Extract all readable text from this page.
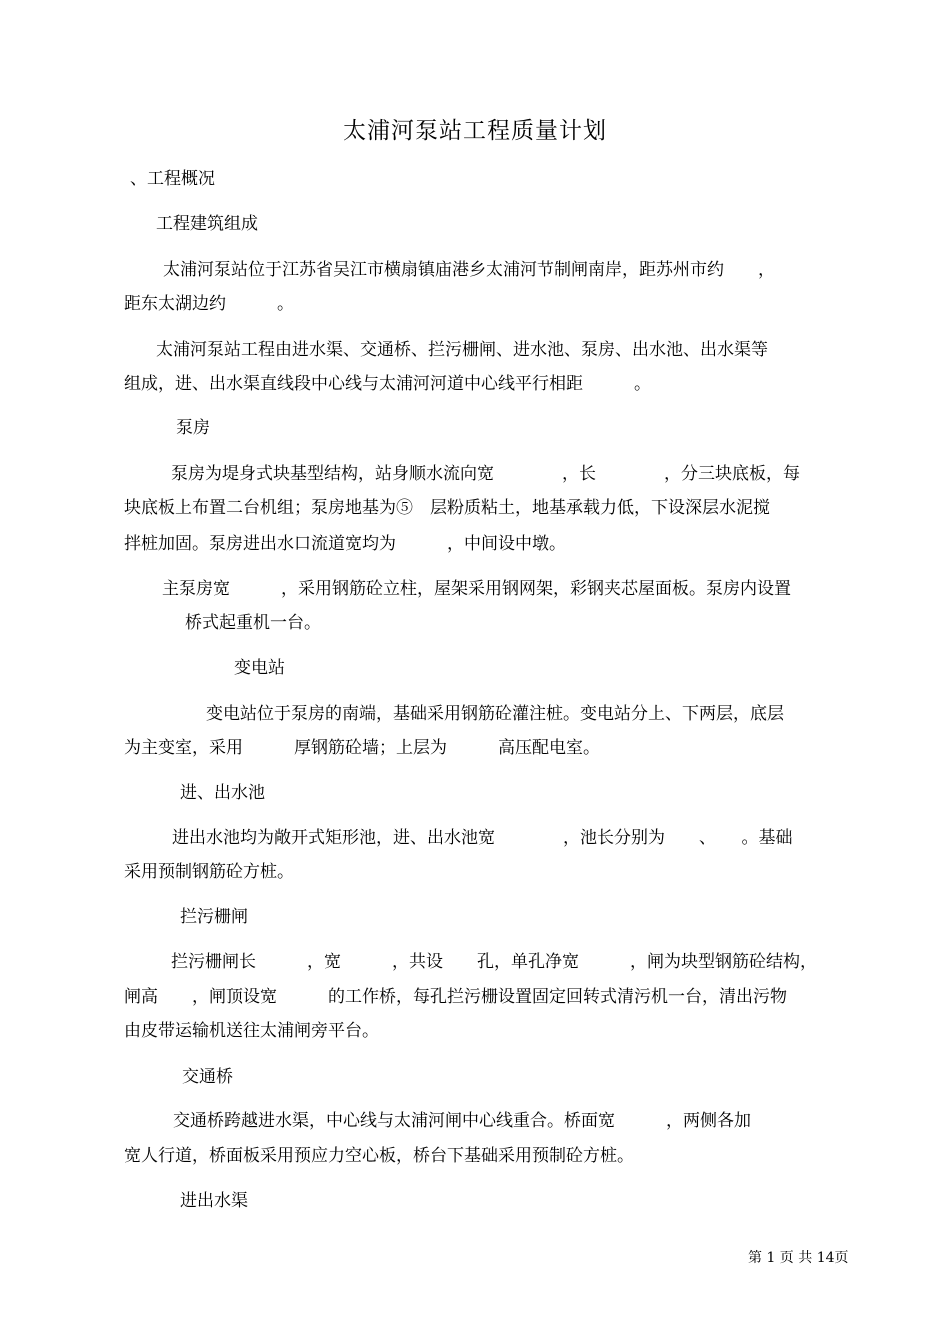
太浦河泵站工程质量计划
、工程概况
工程建筑组成
太浦河泵站位于江苏省吴江市横扇镇庙港乡太浦河节制闸南岸，距苏州市约　　，
距东太湖边约　　　。
太浦河泵站工程由进水渠、交通桥、拦污栅闸、进水池、泵房、出水池、出水渠等
组成，进、出水渠直线段中心线与太浦河河道中心线平行相距　　　。
泵房
泵房为堤身式块基型结构，站身顺水流向宽　　　　，长　　　　，分三块底板，每
块底板上布置二台机组；泵房地基为⑤　层粉质粘土，地基承载力低，下设深层水泥搅
拌桩加固。泵房进出水口流道宽均为　　　，中间设中墩。
主泵房宽　　　，采用钢筋砼立柱，屋架采用钢网架，彩钢夹芯屋面板。泵房内设置
桥式起重机一台。
变电站
变电站位于泵房的南端，基础采用钢筋砼灌注桩。变电站分上、下两层，底层
为主变室，采用　　　厚钢筋砼墙；上层为　　　高压配电室。
进、出水池
进出水池均为敞开式矩形池，进、出水池宽　　　　，池长分别为　　、　　。基础
采用预制钢筋砼方桩。
拦污栅闸
拦污栅闸长　　　，宽　　　，共设　　孔，单孔净宽　　　，闸为块型钢筋砼结构，
闸高　　，闸顶设宽　　　的工作桥，每孔拦污栅设置固定回转式清污机一台，清出污物
由皮带运输机送往太浦闸旁平台。
交通桥
交通桥跨越进水渠，中心线与太浦河闸中心线重合。桥面宽　　　，两侧各加
宽人行道，桥面板采用预应力空心板，桥台下基础采用预制砼方桩。
进出水渠
第 1 页 共 14页
